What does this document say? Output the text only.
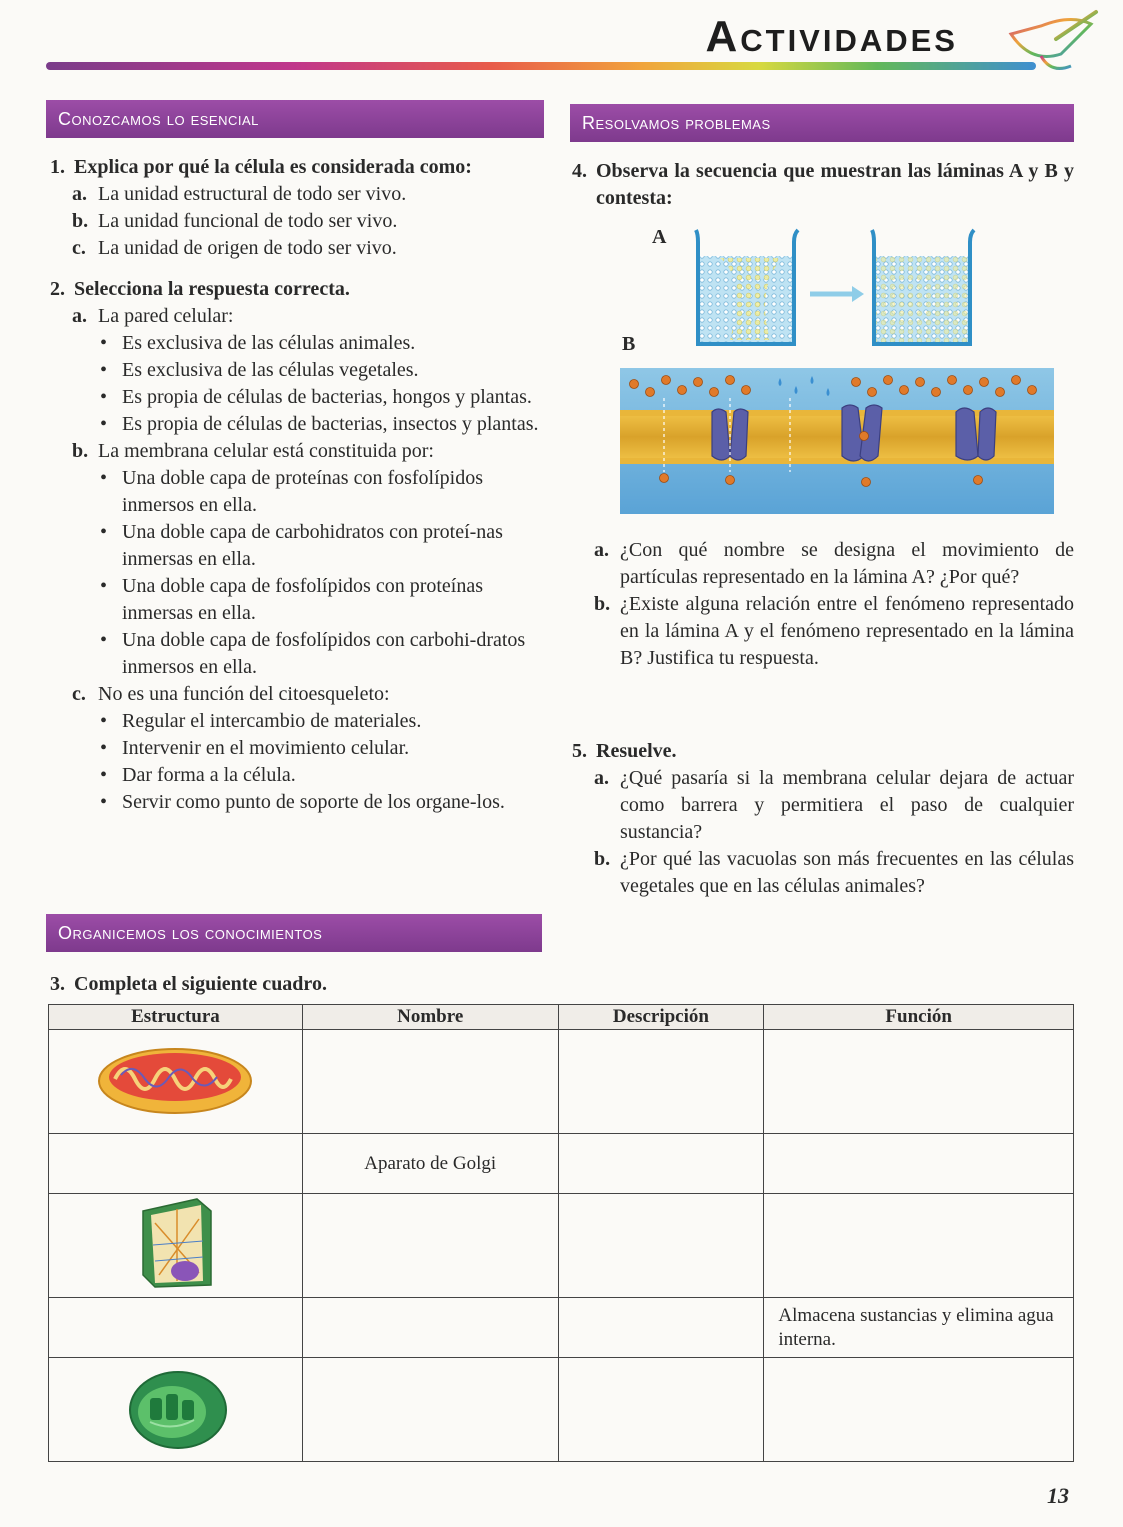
Actividades
Conozcamos lo esencial
1. Explica por qué la célula es considerada como:
a. La unidad estructural de todo ser vivo.
b. La unidad funcional de todo ser vivo.
c. La unidad de origen de todo ser vivo.
2. Selecciona la respuesta correcta.
a. La pared celular:
• Es exclusiva de las células animales.
• Es exclusiva de las células vegetales.
• Es propia de células de bacterias, hongos y plantas.
• Es propia de células de bacterias, insectos y plantas.
b. La membrana celular está constituida por:
• Una doble capa de proteínas con fosfolípidos inmersos en ella.
• Una doble capa de carbohidratos con proteí-nas inmersas en ella.
• Una doble capa de fosfolípidos con proteínas inmersas en ella.
• Una doble capa de fosfolípidos con carbohi-dratos inmersos en ella.
c. No es una función del citoesqueleto:
• Regular el intercambio de materiales.
• Intervenir en el movimiento celular.
• Dar forma a la célula.
• Servir como punto de soporte de los organe-los.
Organicemos los conocimientos
3. Completa el siguiente cuadro.
Resolvamos problemas
4. Observa la secuencia que muestran las láminas A y B y contesta:
A
B
a. ¿Con qué nombre se designa el movimiento de partículas representado en la lámina A? ¿Por qué?
b. ¿Existe alguna relación entre el fenómeno representado en la lámina A y el fenómeno representado en la lámina B? Justifica tu respuesta.
5. Resuelve.
a. ¿Qué pasaría si la membrana celular dejara de actuar como barrera y permitiera el paso de cualquier sustancia?
b. ¿Por qué las vacuolas son más frecuentes en las células vegetales que en las células animales?
Estructura	Nombre	Descripción	Función

	Aparato de Golgi		

			Almacena sustancias y elimina agua interna.

13
